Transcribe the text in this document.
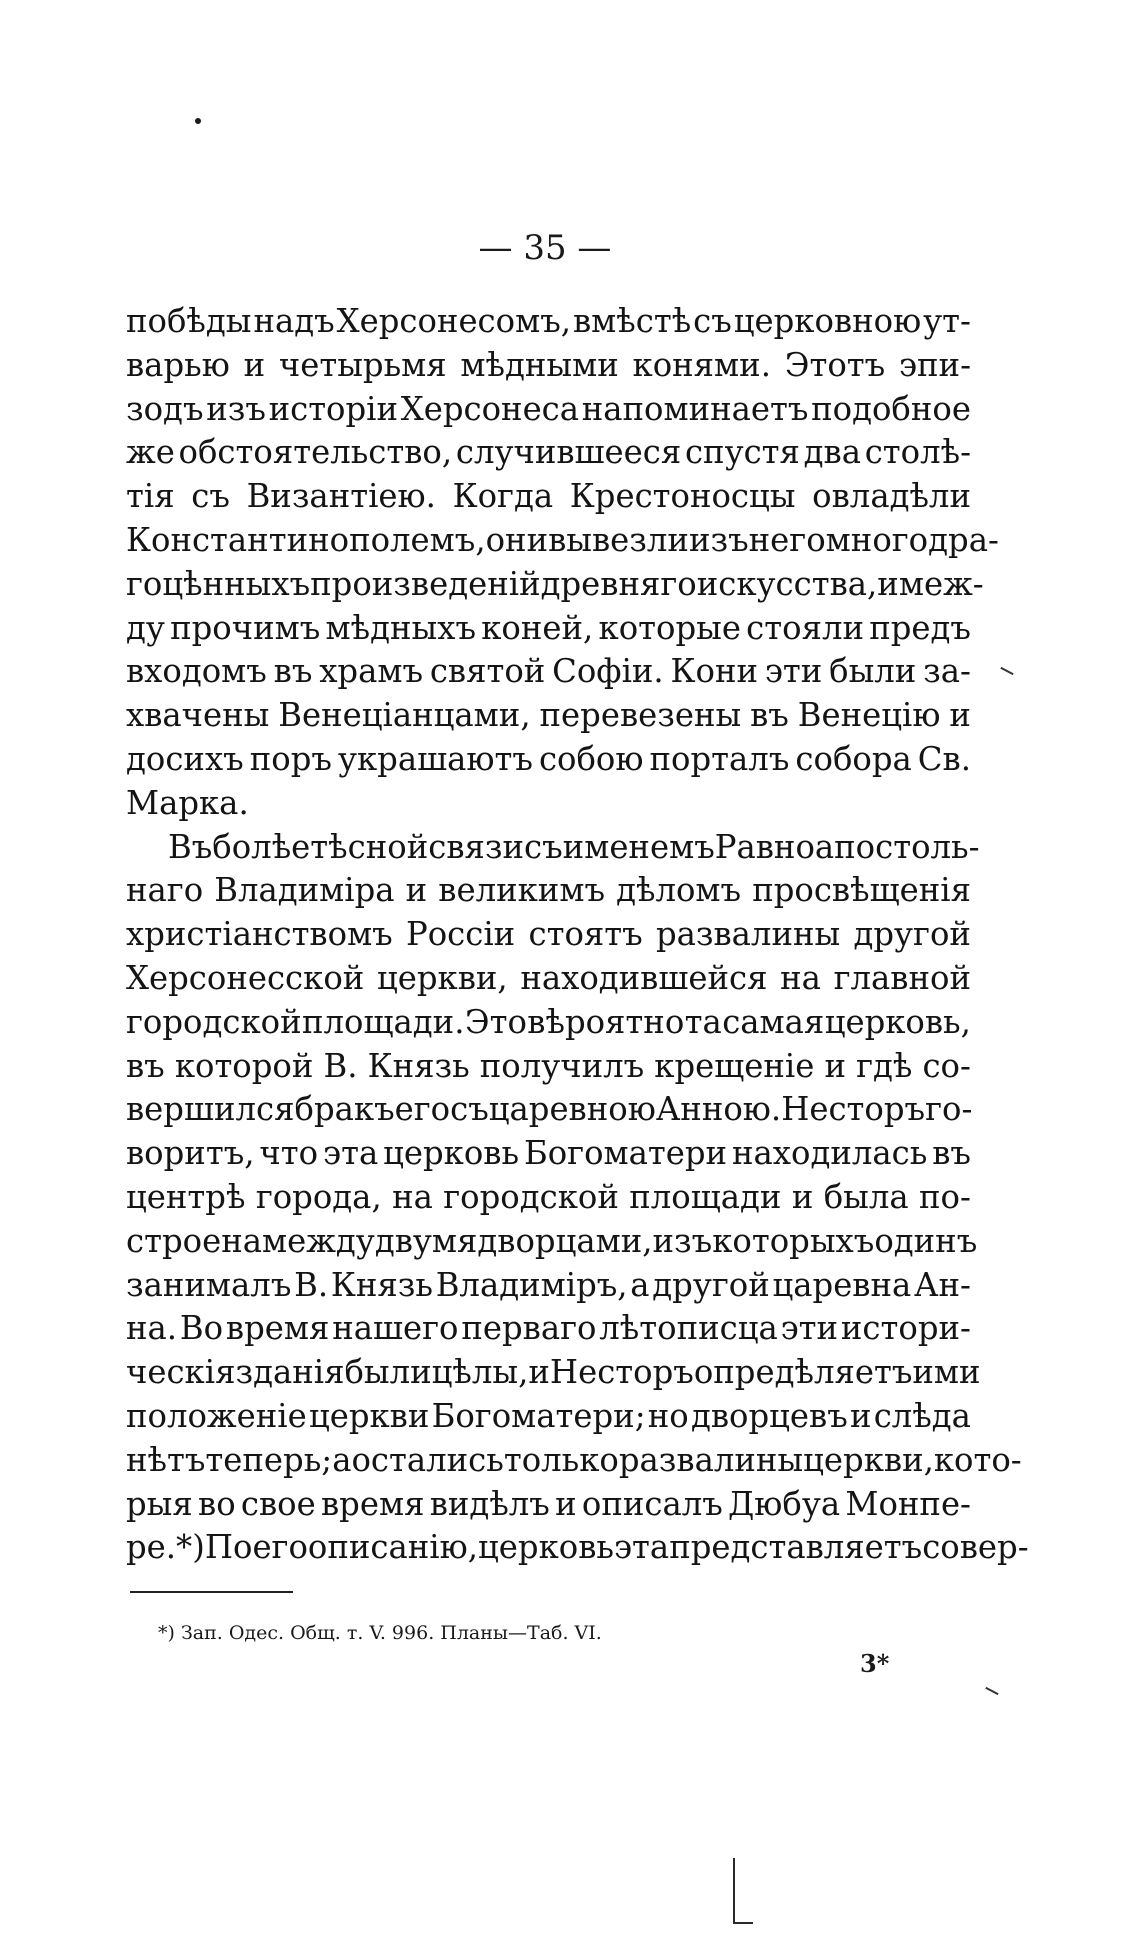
— 35 —
побѣды надъ Херсонесомъ, вмѣстѣ съ церковною ут-
варью и четырьмя мѣдными конями. Этотъ эпи-
зодъ изъ исторіи Херсонеса напоминаетъ подобное
же обстоятельство, случившееся спустя два столѣ-
тія съ Византіею. Когда Крестоносцы овладѣли
Константинополемъ, они вывезли изъ него много дра-
гоцѣнныхъ произведеній древняго искусства, и меж-
ду прочимъ мѣдныхъ коней, которые стояли предъ
входомъ въ храмъ святой Софіи. Кони эти были за-
хвачены Венеціанцами, перевезены въ Венецію и
досихъ поръ украшаютъ собою порталъ собора Св.
Марка.
Въ болѣе тѣсной связи съ именемъ Равноапостоль-
наго Владиміра и великимъ дѣломъ просвѣщенія
христіанствомъ Россіи стоятъ развалины другой
Херсонесской церкви, находившейся на главной
городской площади. Это вѣроятно та самая церковь,
въ которой В. Князь получилъ крещеніе и гдѣ со-
вершился бракъ его съ царевною Анною. Несторъ го-
воритъ, что эта церковь Богоматери находилась въ
центрѣ города, на городской площади и была по-
строена между двумя дворцами, изъ которыхъ одинъ
занималъ В. Князь Владиміръ, а другой царевна Ан-
на. Во время нашего перваго лѣтописца эти истори-
ческія зданія были цѣлы, и Несторъ опредѣляетъ ими
положеніе церкви Богоматери; но дворцевъ и слѣда
нѣтъ теперь; а остались только развалины церкви, кото-
рыя во свое время видѣлъ и описалъ Дюбуа Монпе-
ре.*) По его описанію, церковь эта представляетъ совер-
*) Зап. Одес. Общ. т. V. 996. Планы—Таб. VI.
3*
